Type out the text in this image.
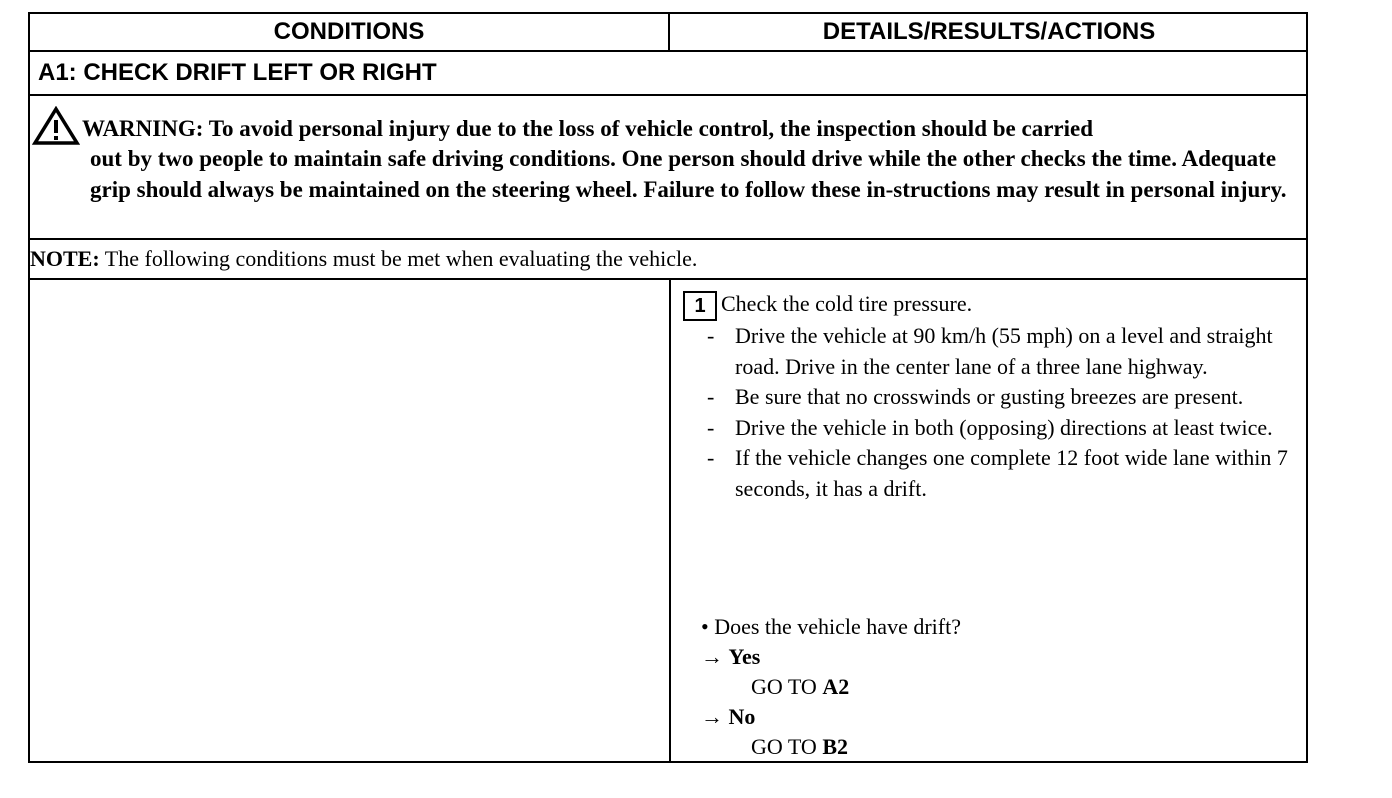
CONDITIONS	DETAILS/RESULTS/ACTIONS
A1: CHECK DRIFT LEFT OR RIGHT
WARNING: To avoid personal injury due to the loss of vehicle control, the inspection should be carried
out by two people to maintain safe driving conditions. One person should drive while the other checks the time. Adequate grip should always be maintained on the steering wheel. Failure to follow these in-structions may result in personal injury.
NOTE: The following conditions must be met when evaluating the vehicle.
1 Check the cold tire pressure.
- Drive the vehicle at 90 km/h (55 mph) on a level and straight road. Drive in the center lane of a three lane highway.
- Be sure that no crosswinds or gusting breezes are present.
- Drive the vehicle in both (opposing) directions at least twice.
- If the vehicle changes one complete 12 foot wide lane within 7 seconds, it has a drift.
• Does the vehicle have drift?
→ Yes
GO TO A2
→ No
GO TO B2
